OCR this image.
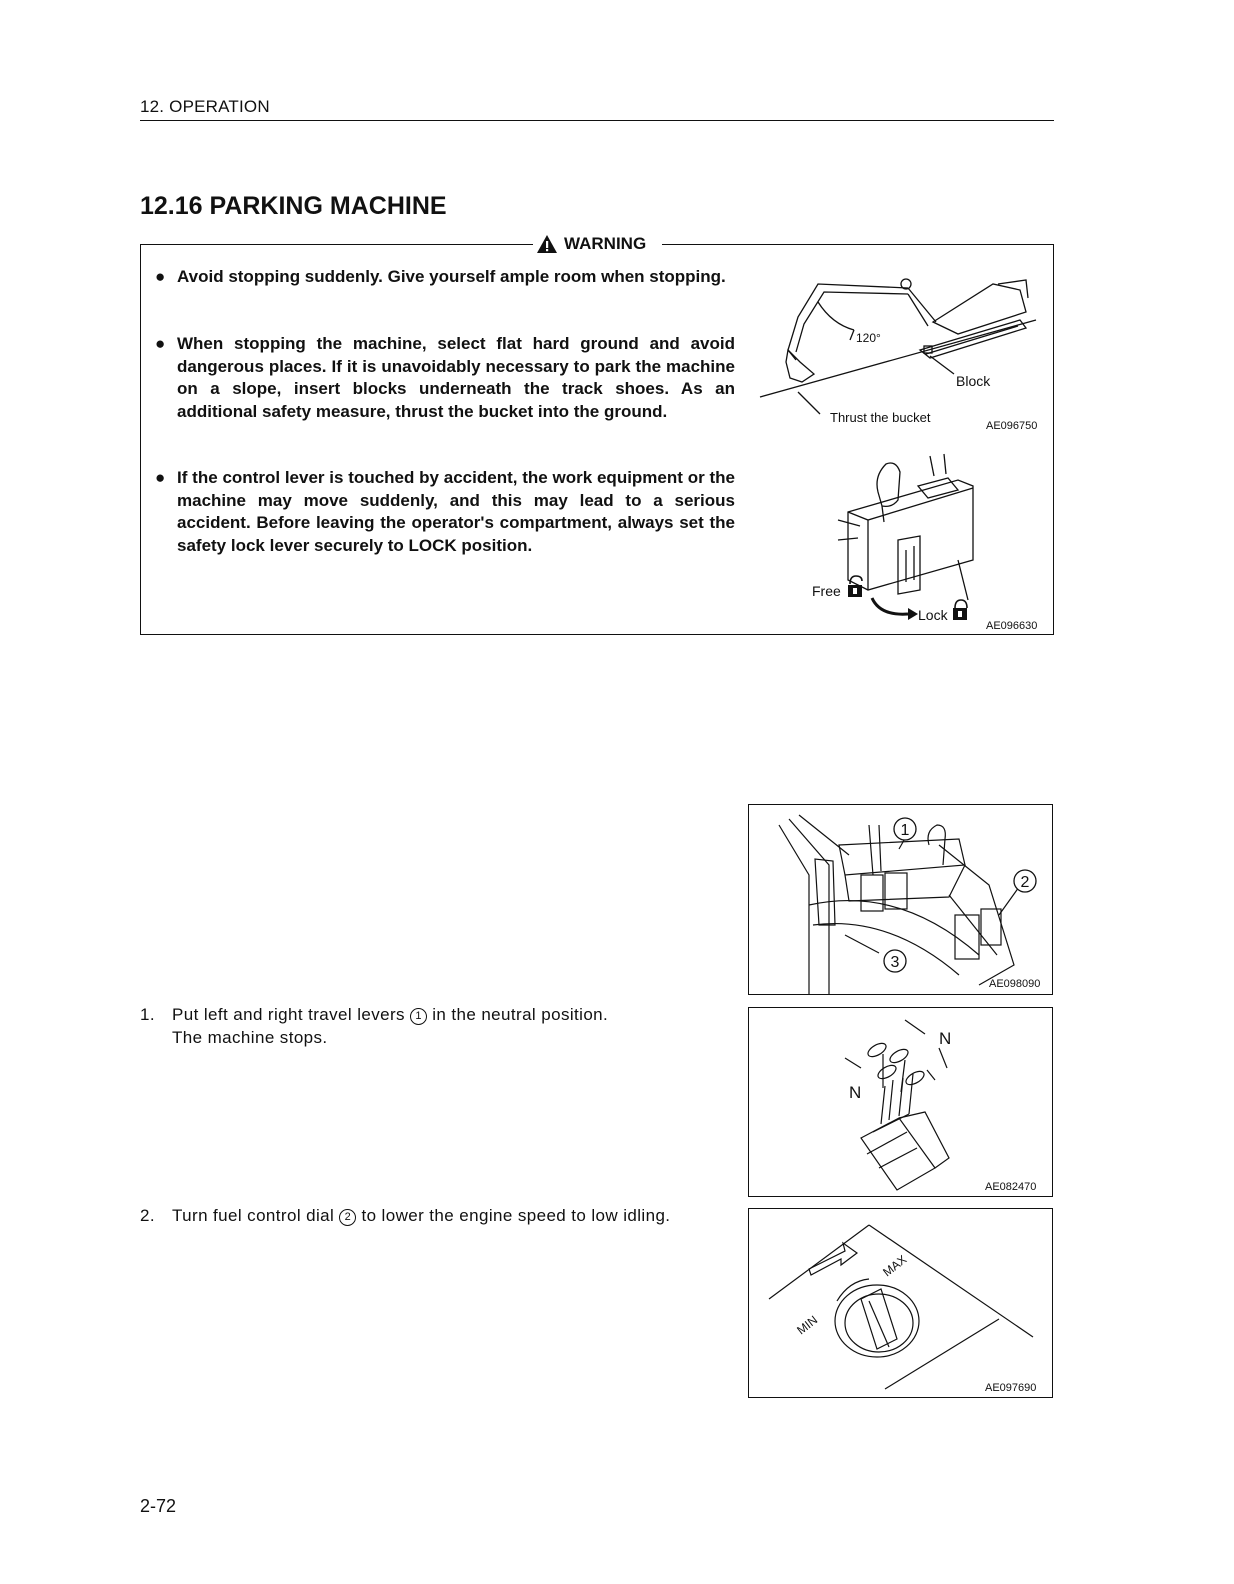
12. OPERATION
12.16 PARKING MACHINE
WARNING
● Avoid stopping suddenly. Give yourself ample room when stopping.
● When stopping the machine, select flat hard ground and avoid dangerous places. If it is unavoidably necessary to park the machine on a slope, insert blocks underneath the track shoes. As an additional safety measure, thrust the bucket into the ground.
● If the control lever is touched by accident, the work equipment or the machine may move suddenly, and this may lead to a serious accident. Before leaving the operator's compartment, always set the safety lock lever securely to LOCK position.
120°
Block
Thrust the bucket
AE096750
Free
Lock
AE096630
1
2
3
AE098090
N
N
AE082470
MAX
MIN
AE097690
1. Put left and right travel levers 1 in the neutral position.
The machine stops.
2. Turn fuel control dial 2 to lower the engine speed to low idling.
2-72
